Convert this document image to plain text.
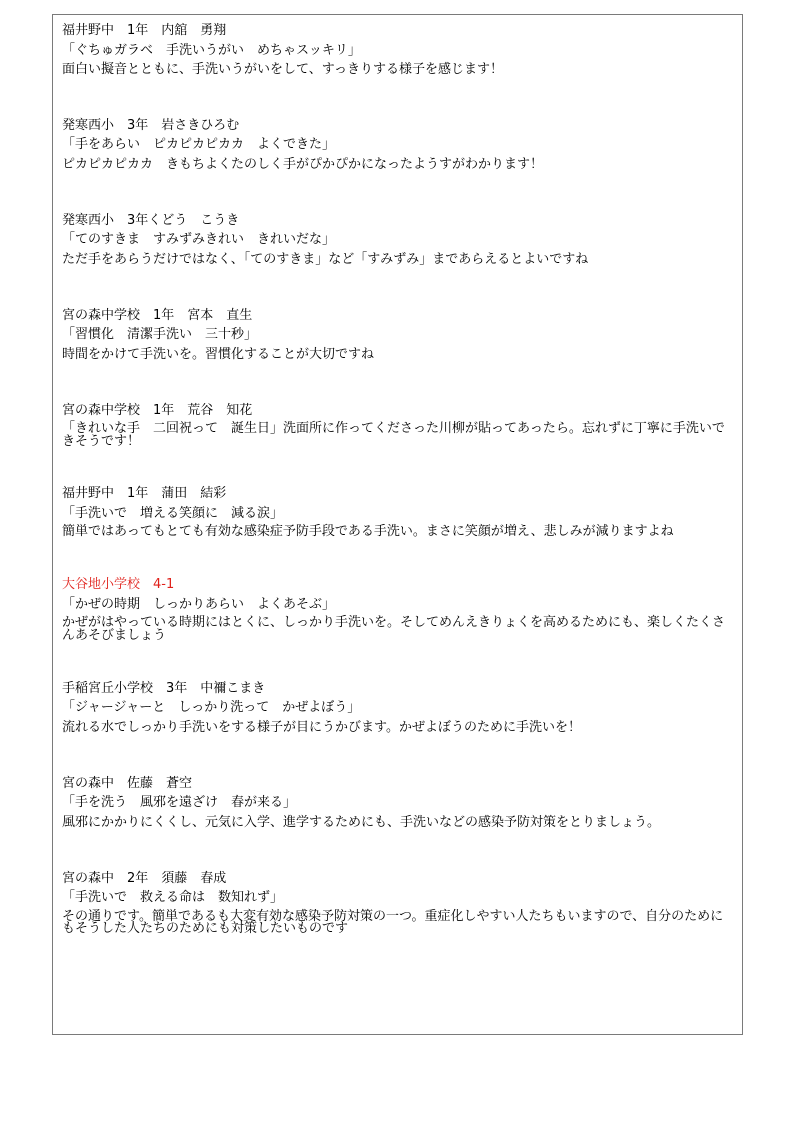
福井野中　1年　内舘　勇翔
「ぐちゅガラベ　手洗いうがい　めちゃスッキリ」
面白い擬音とともに、手洗いうがいをして、すっきりする様子を感じます！
発寒西小　3年　岩さきひろむ
「手をあらい　ピカピカピカカ　よくできた」
ピカピカピカカ　きもちよくたのしく手がぴかぴかになったようすがわかります！
発寒西小　3年くどう　こうき
「てのすきま　すみずみきれい　きれいだな」
ただ手をあらうだけではなく、「てのすきま」など「すみずみ」まであらえるとよいですね
宮の森中学校　1年　宮本　直生
「習慣化　清潔手洗い　三十秒」
時間をかけて手洗いを。習慣化することが大切ですね
宮の森中学校　1年　荒谷　知花
「きれいな手　二回祝って　誕生日」洗面所に作ってくださった川柳が貼ってあったら。忘れずに丁寧に手洗いできそうです！
福井野中　1年　蒲田　結彩
「手洗いで　増える笑顔に　減る涙」
簡単ではあってもとても有効な感染症予防手段である手洗い。まさに笑顔が増え、悲しみが減りますよね
大谷地小学校　4-1
「かぜの時期　しっかりあらい　よくあそぶ」
かぜがはやっている時期にはとくに、しっかり手洗いを。そしてめんえきりょくを高めるためにも、楽しくたくさんあそびましょう
手稲宮丘小学校　3年　中禰こまき
「ジャージャーと　しっかり洗って　かぜよぼう」
流れる水でしっかり手洗いをする様子が目にうかびます。かぜよぼうのために手洗いを！
宮の森中　佐藤　蒼空
「手を洗う　風邪を遠ざけ　春が来る」
風邪にかかりにくくし、元気に入学、進学するためにも、手洗いなどの感染予防対策をとりましょう。
宮の森中　2年　須藤　春成
「手洗いで　救える命は　数知れず」
その通りです。簡単であるも大変有効な感染予防対策の一つ。重症化しやすい人たちもいますので、自分のためにもそうした人たちのためにも対策したいものです
